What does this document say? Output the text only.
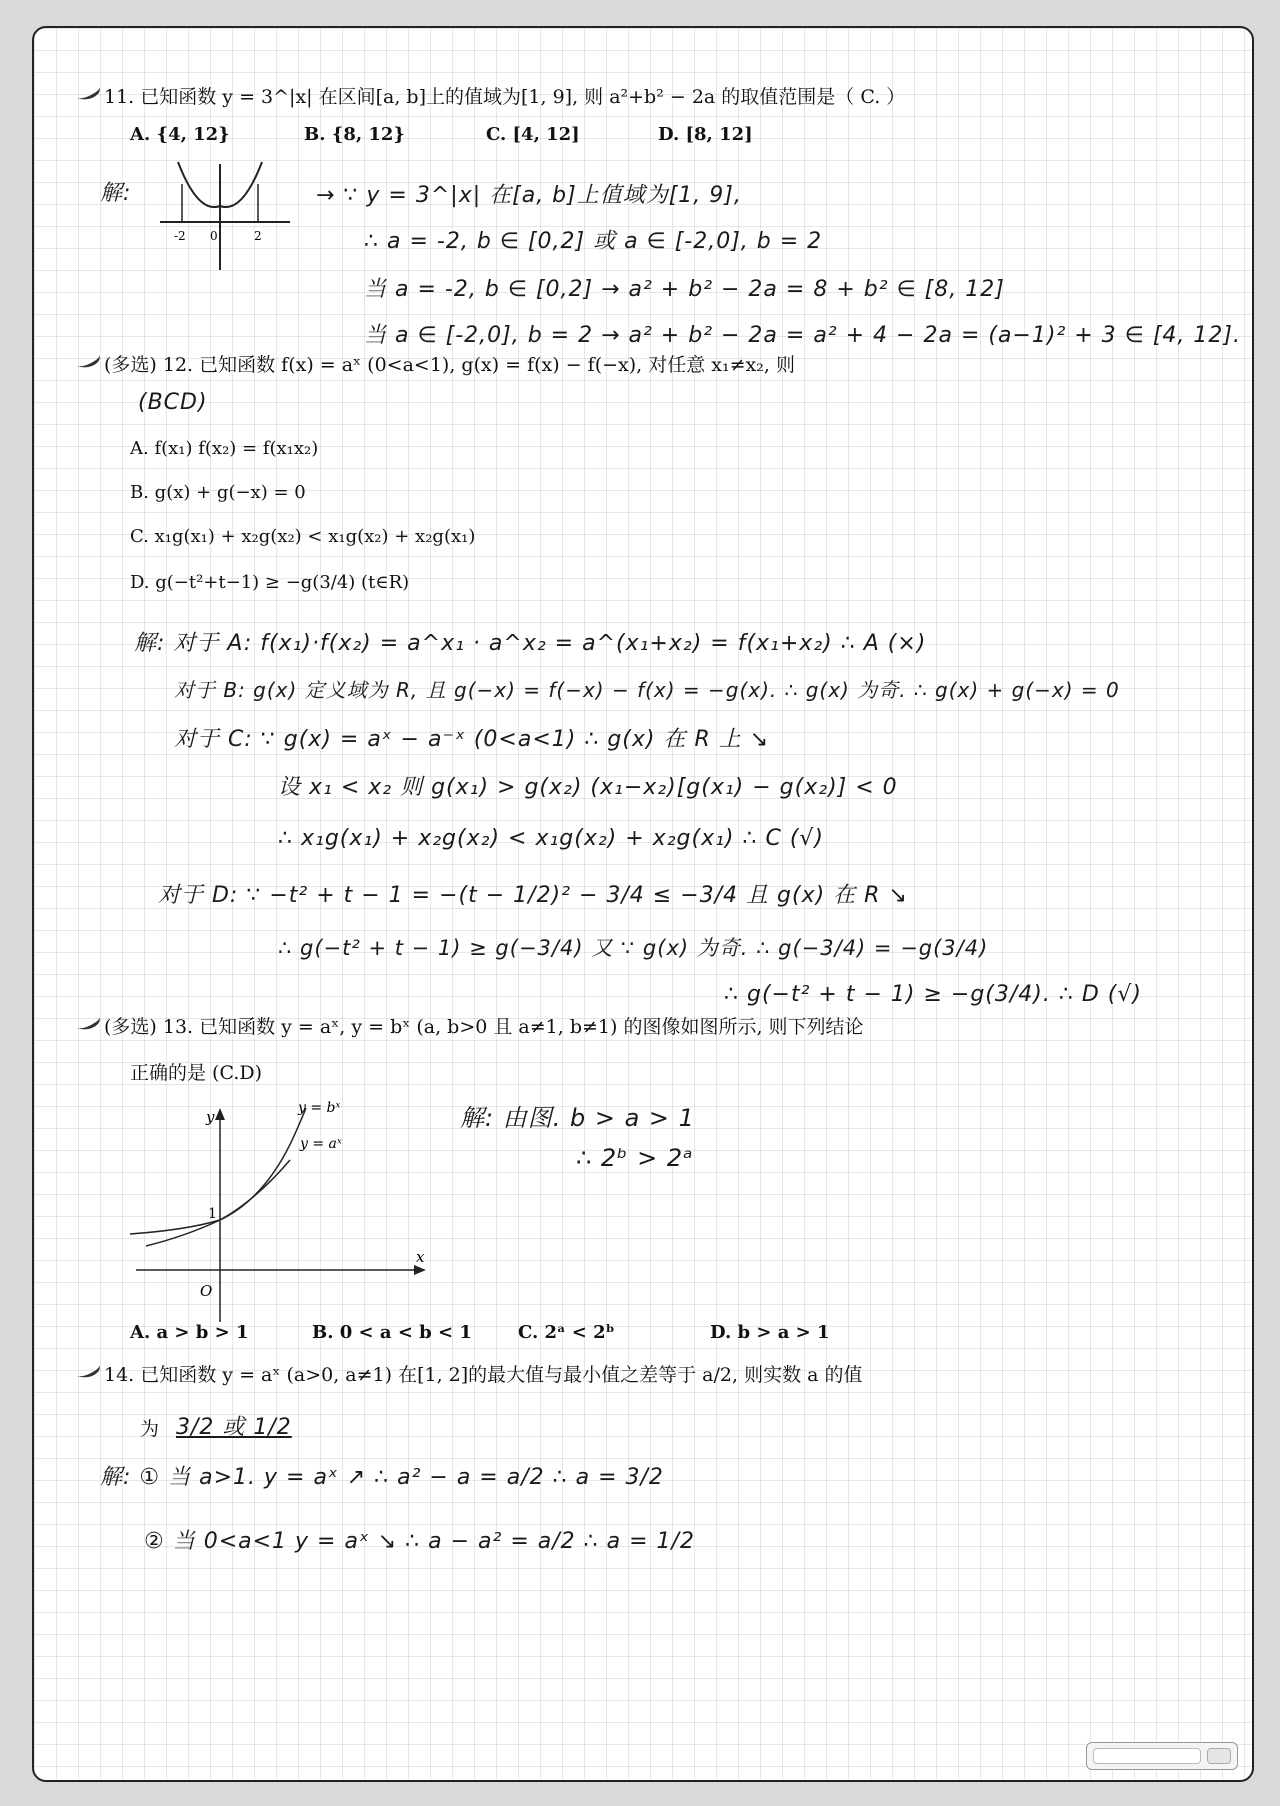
11. 已知函数 y = 3^|x| 在区间[a, b]上的值域为[1, 9], 则 a²+b² − 2a 的取值范围是（ C. ）
A. {4, 12}	B. {8, 12}	C. [4, 12]	D. [8, 12]
解:
-2 0	2
→ ∵ y = 3^|x| 在[a, b]上值域为[1, 9],
∴ a = -2, b ∈ [0,2] 或 a ∈ [-2,0], b = 2
当 a = -2, b ∈ [0,2] → a² + b² − 2a = 8 + b² ∈ [8, 12]
当 a ∈ [-2,0], b = 2 → a² + b² − 2a = a² + 4 − 2a = (a−1)² + 3 ∈ [4, 12].
(多选) 12. 已知函数 f(x) = aˣ (0<a<1), g(x) = f(x) − f(−x), 对任意 x₁≠x₂, 则
(BCD)
A. f(x₁) f(x₂) = f(x₁x₂)
B. g(x) + g(−x) = 0
C. x₁g(x₁) + x₂g(x₂) < x₁g(x₂) + x₂g(x₁)
D. g(−t²+t−1) ≥ −g(3/4) (t∈R)
解: 对于 A: f(x₁)·f(x₂) = a^x₁ · a^x₂ = a^(x₁+x₂) = f(x₁+x₂) ∴ A (×)
对于 B: g(x) 定义域为 R, 且 g(−x) = f(−x) − f(x) = −g(x). ∴ g(x) 为奇. ∴ g(x) + g(−x) = 0
对于 C: ∵ g(x) = aˣ − a⁻ˣ (0<a<1) ∴ g(x) 在 R 上 ↘
设 x₁ < x₂ 则 g(x₁) > g(x₂) (x₁−x₂)[g(x₁) − g(x₂)] < 0
∴ x₁g(x₁) + x₂g(x₂) < x₁g(x₂) + x₂g(x₁) ∴ C (√)
对于 D: ∵ −t² + t − 1 = −(t − 1/2)² − 3/4 ≤ −3/4 且 g(x) 在 R ↘
∴ g(−t² + t − 1) ≥ g(−3/4) 又 ∵ g(x) 为奇. ∴ g(−3/4) = −g(3/4)
∴ g(−t² + t − 1) ≥ −g(3/4). ∴ D (√)
(多选) 13. 已知函数 y = aˣ, y = bˣ (a, b>0 且 a≠1, b≠1) 的图像如图所示, 则下列结论
正确的是 (C.D)
y = bˣ
y = aˣ
y
x
O
1
解: 由图. b > a > 1
∴ 2ᵇ > 2ᵃ
A. a > b > 1	B. 0 < a < b < 1	C. 2ᵃ < 2ᵇ	D. b > a > 1
14. 已知函数 y = aˣ (a>0, a≠1) 在[1, 2]的最大值与最小值之差等于 a/2, 则实数 a 的值
为 3/2 或 1/2
解: ① 当 a>1. y = aˣ ↗ ∴ a² − a = a/2 ∴ a = 3/2
② 当 0<a<1 y = aˣ ↘ ∴ a − a² = a/2 ∴ a = 1/2
